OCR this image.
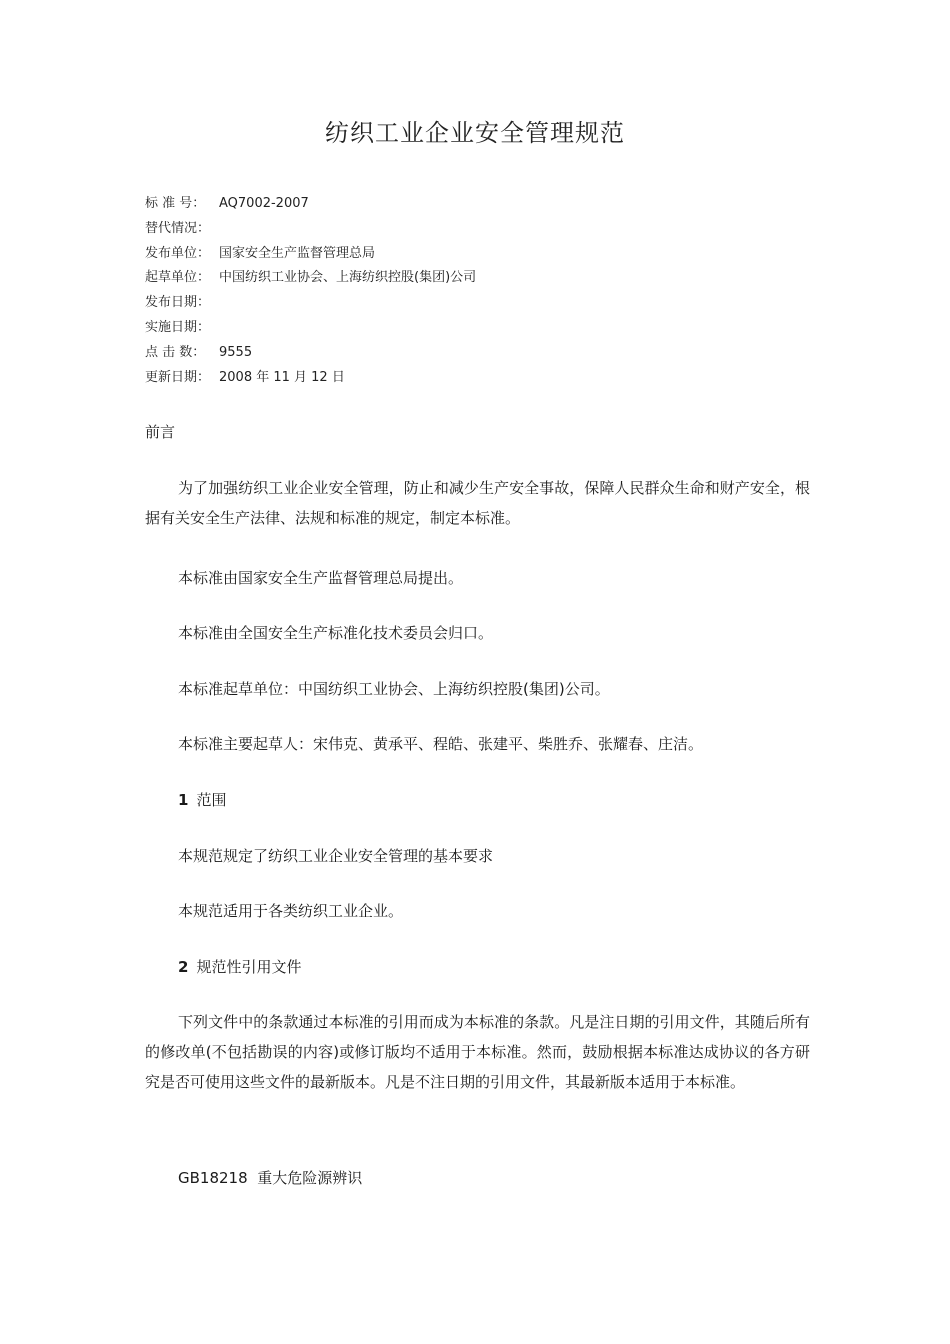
纺织工业企业安全管理规范
标 准 号：	AQ7002-2007
替代情况：
发布单位： 国家安全生产监督管理总局
起草单位： 中国纺织工业协会、上海纺织控股(集团)公司
发布日期：
实施日期：
点 击 数：	9555
更新日期： 2008 年 11 月 12 日
前言
为了加强纺织工业企业安全管理，防止和减少生产安全事故，保障人民群众生命和财产安全，根据有关安全生产法律、法规和标准的规定，制定本标准。
本标准由国家安全生产监督管理总局提出。
本标准由全国安全生产标准化技术委员会归口。
本标准起草单位：中国纺织工业协会、上海纺织控股(集团)公司。
本标准主要起草人：宋伟克、黄承平、程皓、张建平、柴胜乔、张耀春、庄洁。
1 范围
本规范规定了纺织工业企业安全管理的基本要求
本规范适用于各类纺织工业企业。
2 规范性引用文件
下列文件中的条款通过本标准的引用而成为本标准的条款。凡是注日期的引用文件，其随后所有的修改单(不包括勘误的内容)或修订版均不适用于本标准。然而，鼓励根据本标准达成协议的各方研究是否可使用这些文件的最新版本。凡是不注日期的引用文件，其最新版本适用于本标准。
GB18218 重大危险源辨识
